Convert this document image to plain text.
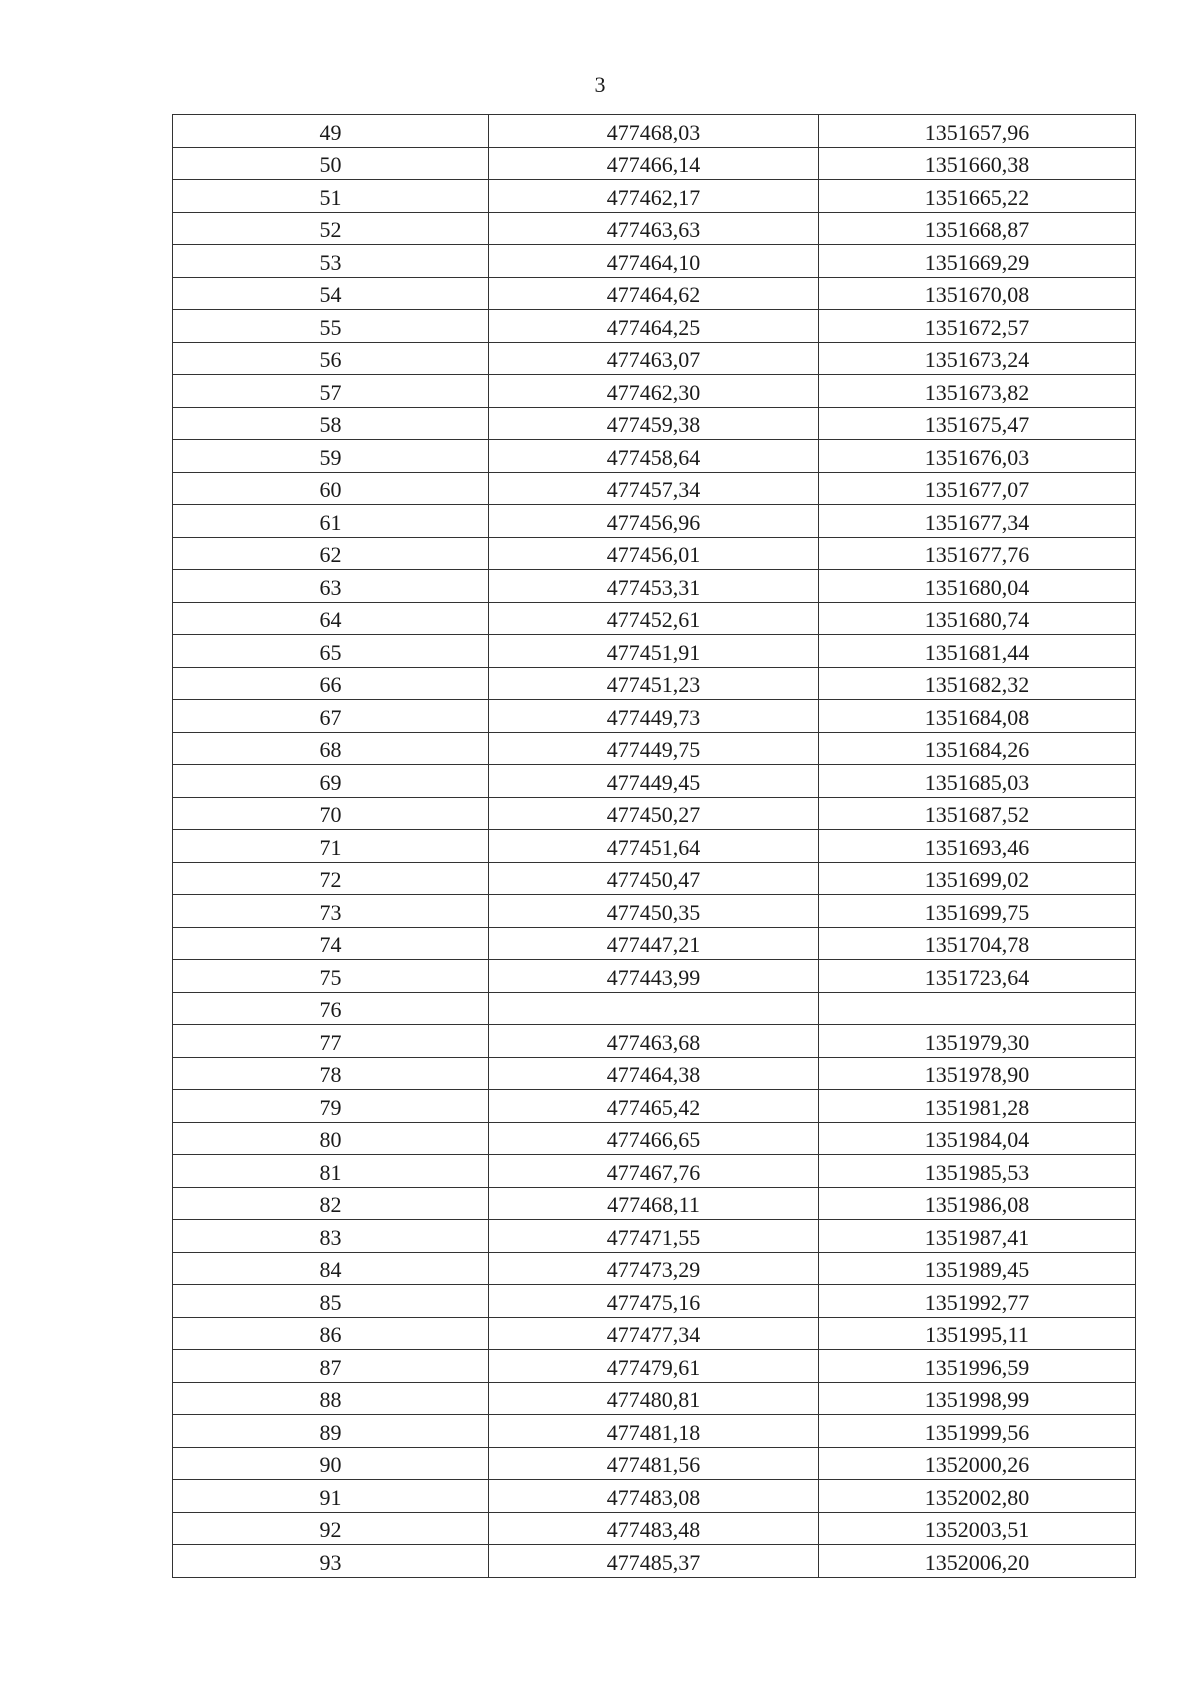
3
49	477468,03	1351657,96
50	477466,14	1351660,38
51	477462,17	1351665,22
52	477463,63	1351668,87
53	477464,10	1351669,29
54	477464,62	1351670,08
55	477464,25	1351672,57
56	477463,07	1351673,24
57	477462,30	1351673,82
58	477459,38	1351675,47
59	477458,64	1351676,03
60	477457,34	1351677,07
61	477456,96	1351677,34
62	477456,01	1351677,76
63	477453,31	1351680,04
64	477452,61	1351680,74
65	477451,91	1351681,44
66	477451,23	1351682,32
67	477449,73	1351684,08
68	477449,75	1351684,26
69	477449,45	1351685,03
70	477450,27	1351687,52
71	477451,64	1351693,46
72	477450,47	1351699,02
73	477450,35	1351699,75
74	477447,21	1351704,78
75	477443,99	1351723,64
76		
77	477463,68	1351979,30
78	477464,38	1351978,90
79	477465,42	1351981,28
80	477466,65	1351984,04
81	477467,76	1351985,53
82	477468,11	1351986,08
83	477471,55	1351987,41
84	477473,29	1351989,45
85	477475,16	1351992,77
86	477477,34	1351995,11
87	477479,61	1351996,59
88	477480,81	1351998,99
89	477481,18	1351999,56
90	477481,56	1352000,26
91	477483,08	1352002,80
92	477483,48	1352003,51
93	477485,37	1352006,20
